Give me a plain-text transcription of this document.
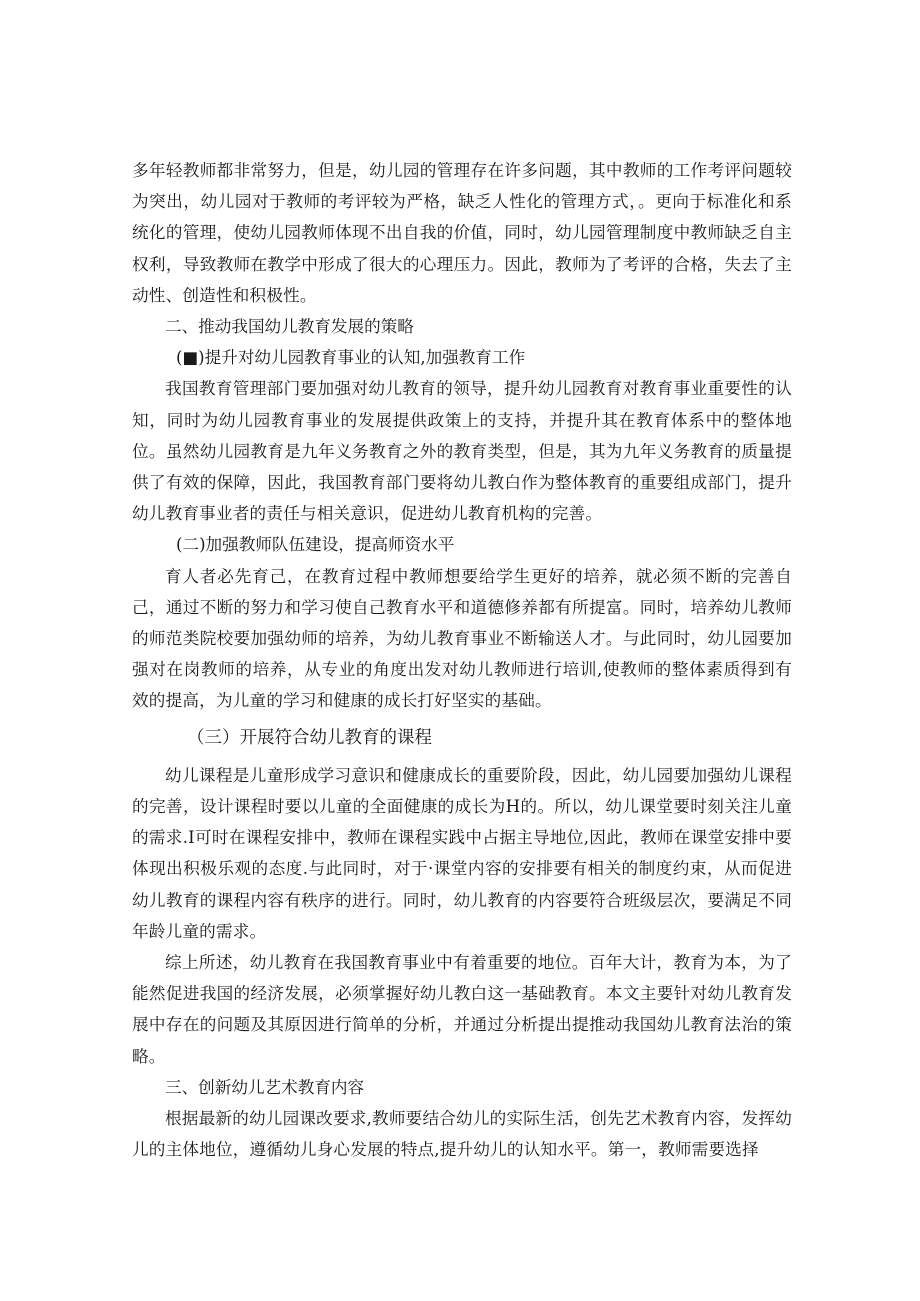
多年轻教师都非常努力，但是，幼儿园的管理存在许多问题，其中教师的工作考评问题较为突出，幼儿园对于教师的考评较为严格，缺乏人性化的管理方式，。更向于标准化和系统化的管理，使幼儿园教师体现不出自我的价值，同时，幼儿园管理制度中教师缺乏自主权利，导致教师在教学中形成了很大的心理压力。因此，教师为了考评的合格，失去了主动性、创造性和积极性。

二、推动我国幼儿教育发展的策略

(■)提升对幼儿园教育事业的认知,加强教育工作

我国教育管理部门要加强对幼儿教育的领导，提升幼儿园教育对教育事业重要性的认知，同时为幼儿园教育事业的发展提供政策上的支持，并提升其在教育体系中的整体地位。虽然幼儿园教育是九年义务教育之外的教育类型，但是，其为九年义务教育的质量提供了有效的保障，因此，我国教育部门要将幼儿教白作为整体教育的重要组成部门，提升幼儿教育事业者的责任与相关意识，促进幼儿教育机构的完善。

(二)加强教师队伍建设，提高师资水平

育人者必先育己，在教育过程中教师想要给学生更好的培养，就必须不断的完善自己，通过不断的努力和学习使自己教育水平和道德修养都有所提富。同时，培养幼儿教师的师范类院校要加强幼师的培养，为幼儿教育事业不断输送人才。与此同时，幼儿园要加强对在岗教师的培养，从专业的角度出发对幼儿教师进行培训,使教师的整体素质得到有效的提高，为儿童的学习和健康的成长打好坚实的基础。

（三）开展符合幼儿教育的课程

幼儿课程是儿童形成学习意识和健康成长的重要阶段，因此，幼儿园要加强幼儿课程的完善，设计课程时要以儿童的全面健康的成长为H的。所以，幼儿课堂要时刻关注儿童的需求.I可时在课程安排中，教师在课程实践中占据主导地位,因此，教师在课堂安排中要体现出积极乐观的态度.与此同时，对于·课堂内容的安排要有相关的制度约束，从而促进幼儿教育的课程内容有秩序的进行。同时，幼儿教育的内容要符合班级层次，要满足不同年龄儿童的需求。

综上所述，幼儿教育在我国教育事业中有着重要的地位。百年大计，教育为本，为了能然促进我国的经济发展，必须掌握好幼儿教白这一基础教育。本文主要针对幼儿教育发展中存在的问题及其原因进行简单的分析，并通过分析提出提推动我国幼儿教育法治的策略。

三、创新幼儿艺术教育内容

根据最新的幼儿园课改要求,教师要结合幼儿的实际生活，创先艺术教育内容，发挥幼儿的主体地位，遵循幼儿身心发展的特点,提升幼儿的认知水平。第一，教师需要选择
